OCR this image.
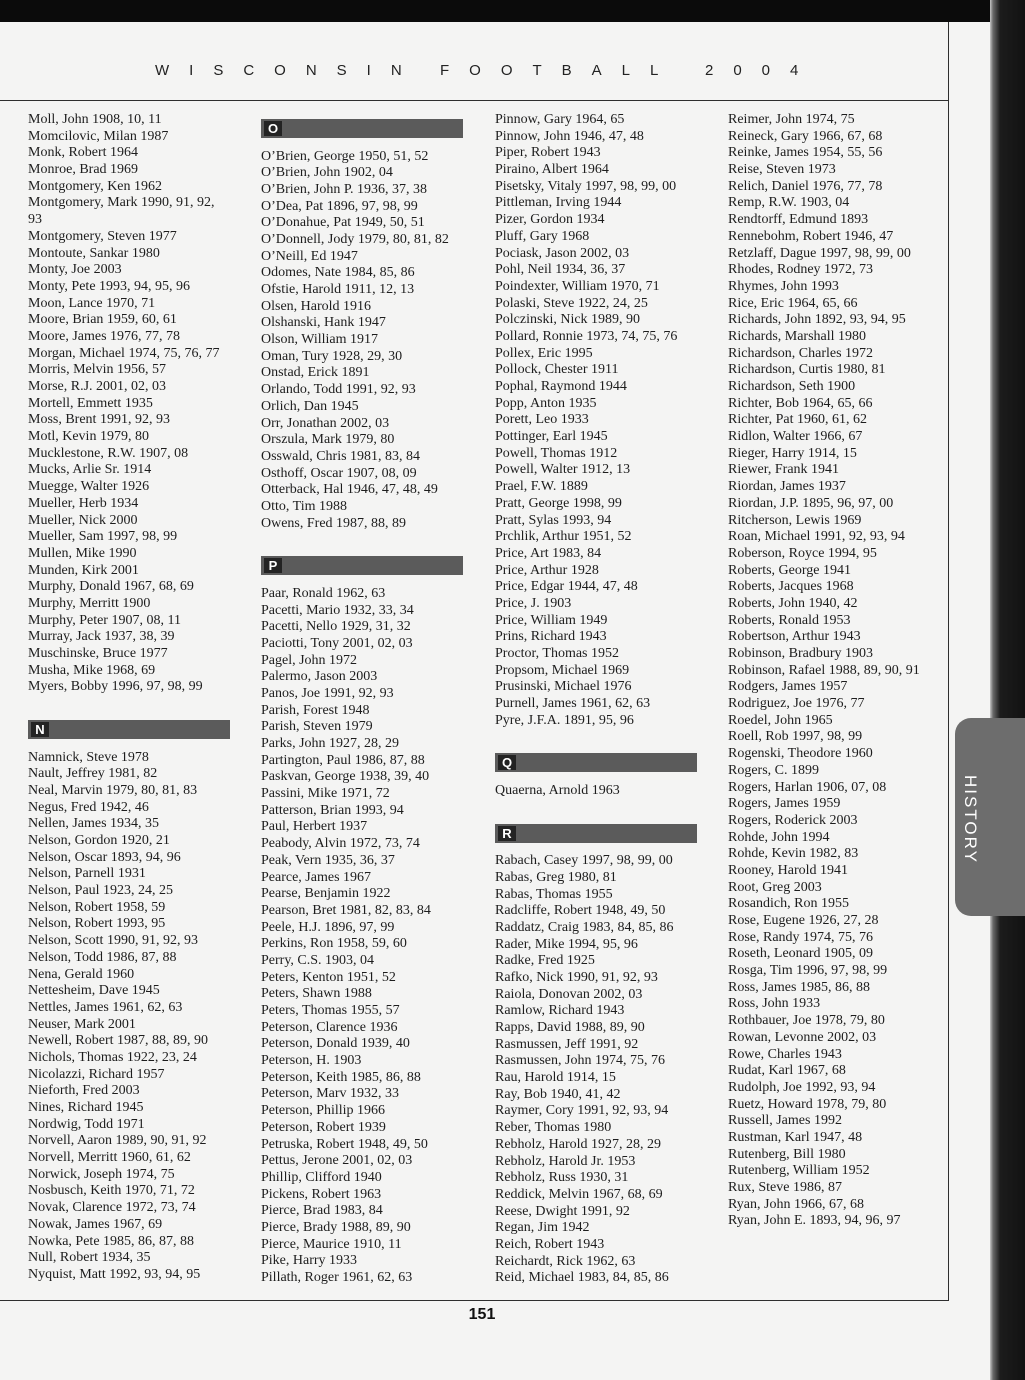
WISCONSIN FOOTBALL 2004
Moll, John 1908, 10, 11
Momcilovic, Milan 1987
Monk, Robert 1964
Monroe, Brad 1969
Montgomery, Ken 1962
Montgomery, Mark 1990, 91, 92, 93
Montgomery, Steven 1977
Montoute, Sankar 1980
Monty, Joe 2003
Monty, Pete 1993, 94, 95, 96
Moon, Lance 1970, 71
Moore, Brian 1959, 60, 61
Moore, James 1976, 77, 78
Morgan, Michael 1974, 75, 76, 77
Morris, Melvin 1956, 57
Morse, R.J. 2001, 02, 03
Mortell, Emmett 1935
Moss, Brent 1991, 92, 93
Motl, Kevin 1979, 80
Mucklestone, R.W. 1907, 08
Mucks, Arlie Sr. 1914
Muegge, Walter 1926
Mueller, Herb 1934
Mueller, Nick 2000
Mueller, Sam 1997, 98, 99
Mullen, Mike 1990
Munden, Kirk 2001
Murphy, Donald 1967, 68, 69
Murphy, Merritt 1900
Murphy, Peter 1907, 08, 11
Murray, Jack 1937, 38, 39
Muschinske, Bruce 1977
Musha, Mike 1968, 69
Myers, Bobby 1996, 97, 98, 99
N
Namnick, Steve 1978
Nault, Jeffrey 1981, 82
Neal, Marvin 1979, 80, 81, 83
Negus, Fred 1942, 46
Nellen, James 1934, 35
Nelson, Gordon 1920, 21
Nelson, Oscar 1893, 94, 96
Nelson, Parnell 1931
Nelson, Paul 1923, 24, 25
Nelson, Robert 1958, 59
Nelson, Robert 1993, 95
Nelson, Scott 1990, 91, 92, 93
Nelson, Todd 1986, 87, 88
Nena, Gerald 1960
Nettesheim, Dave 1945
Nettles, James 1961, 62, 63
Neuser, Mark 2001
Newell, Robert 1987, 88, 89, 90
Nichols, Thomas 1922, 23, 24
Nicolazzi, Richard 1957
Nieforth, Fred 2003
Nines, Richard 1945
Nordwig, Todd 1971
Norvell, Aaron 1989, 90, 91, 92
Norvell, Merritt 1960, 61, 62
Norwick, Joseph 1974, 75
Nosbusch, Keith 1970, 71, 72
Novak, Clarence 1972, 73, 74
Nowak, James 1967, 69
Nowka, Pete 1985, 86, 87, 88
Null, Robert 1934, 35
Nyquist, Matt 1992, 93, 94, 95
O
O’Brien, George 1950, 51, 52
O’Brien, John 1902, 04
O’Brien, John P. 1936, 37, 38
O’Dea, Pat 1896, 97, 98, 99
O’Donahue, Pat 1949, 50, 51
O’Donnell, Jody 1979, 80, 81, 82
O’Neill, Ed 1947
Odomes, Nate 1984, 85, 86
Ofstie, Harold 1911, 12, 13
Olsen, Harold 1916
Olshanski, Hank 1947
Olson, William 1917
Oman, Tury 1928, 29, 30
Onstad, Erick 1891
Orlando, Todd 1991, 92, 93
Orlich, Dan 1945
Orr, Jonathan 2002, 03
Orszula, Mark 1979, 80
Osswald, Chris 1981, 83, 84
Osthoff, Oscar 1907, 08, 09
Otterback, Hal 1946, 47, 48, 49
Otto, Tim 1988
Owens, Fred 1987, 88, 89
P
Paar, Ronald 1962, 63
Pacetti, Mario 1932, 33, 34
Pacetti, Nello 1929, 31, 32
Paciotti, Tony 2001, 02, 03
Pagel, John 1972
Palermo, Jason 2003
Panos, Joe 1991, 92, 93
Parish, Forest 1948
Parish, Steven 1979
Parks, John 1927, 28, 29
Partington, Paul 1986, 87, 88
Paskvan, George 1938, 39, 40
Passini, Mike 1971, 72
Patterson, Brian 1993, 94
Paul, Herbert 1937
Peabody, Alvin 1972, 73, 74
Peak, Vern 1935, 36, 37
Pearce, James 1967
Pearse, Benjamin 1922
Pearson, Bret 1981, 82, 83, 84
Peele, H.J. 1896, 97, 99
Perkins, Ron 1958, 59, 60
Perry, C.S. 1903, 04
Peters, Kenton 1951, 52
Peters, Shawn 1988
Peters, Thomas 1955, 57
Peterson, Clarence 1936
Peterson, Donald 1939, 40
Peterson, H. 1903
Peterson, Keith 1985, 86, 88
Peterson, Marv 1932, 33
Peterson, Phillip 1966
Peterson, Robert 1939
Petruska, Robert 1948, 49, 50
Pettus, Jerone 2001, 02, 03
Phillip, Clifford 1940
Pickens, Robert 1963
Pierce, Brad 1983, 84
Pierce, Brady 1988, 89, 90
Pierce, Maurice 1910, 11
Pike, Harry 1933
Pillath, Roger 1961, 62, 63
Pinnow, Gary 1964, 65
Pinnow, John 1946, 47, 48
Piper, Robert 1943
Piraino, Albert 1964
Pisetsky, Vitaly 1997, 98, 99, 00
Pittleman, Irving 1944
Pizer, Gordon 1934
Pluff, Gary 1968
Pociask, Jason 2002, 03
Pohl, Neil 1934, 36, 37
Poindexter, William 1970, 71
Polaski, Steve 1922, 24, 25
Polczinski, Nick 1989, 90
Pollard, Ronnie 1973, 74, 75, 76
Pollex, Eric 1995
Pollock, Chester 1911
Pophal, Raymond 1944
Popp, Anton 1935
Porett, Leo 1933
Pottinger, Earl 1945
Powell, Thomas 1912
Powell, Walter 1912, 13
Prael, F.W. 1889
Pratt, George 1998, 99
Pratt, Sylas 1993, 94
Prchlik, Arthur 1951, 52
Price, Art 1983, 84
Price, Arthur 1928
Price, Edgar 1944, 47, 48
Price, J. 1903
Price, William 1949
Prins, Richard 1943
Proctor, Thomas 1952
Propsom, Michael 1969
Prusinski, Michael 1976
Purnell, James 1961, 62, 63
Pyre, J.F.A. 1891, 95, 96
Q
Quaerna, Arnold 1963
R
Rabach, Casey 1997, 98, 99, 00
Rabas, Greg 1980, 81
Rabas, Thomas 1955
Radcliffe, Robert 1948, 49, 50
Raddatz, Craig 1983, 84, 85, 86
Rader, Mike 1994, 95, 96
Radke, Fred 1925
Rafko, Nick 1990, 91, 92, 93
Raiola, Donovan 2002, 03
Ramlow, Richard 1943
Rapps, David 1988, 89, 90
Rasmussen, Jeff 1991, 92
Rasmussen, John 1974, 75, 76
Rau, Harold 1914, 15
Ray, Bob 1940, 41, 42
Raymer, Cory 1991, 92, 93, 94
Reber, Thomas 1980
Rebholz, Harold 1927, 28, 29
Rebholz, Harold Jr. 1953
Rebholz, Russ 1930, 31
Reddick, Melvin 1967, 68, 69
Reese, Dwight 1991, 92
Regan, Jim 1942
Reich, Robert 1943
Reichardt, Rick 1962, 63
Reid, Michael 1983, 84, 85, 86
Reimer, John 1974, 75
Reineck, Gary 1966, 67, 68
Reinke, James 1954, 55, 56
Reise, Steven 1973
Relich, Daniel 1976, 77, 78
Remp, R.W. 1903, 04
Rendtorff, Edmund 1893
Rennebohm, Robert 1946, 47
Retzlaff, Dague 1997, 98, 99, 00
Rhodes, Rodney 1972, 73
Rhymes, John 1993
Rice, Eric 1964, 65, 66
Richards, John 1892, 93, 94, 95
Richards, Marshall 1980
Richardson, Charles 1972
Richardson, Curtis 1980, 81
Richardson, Seth 1900
Richter, Bob 1964, 65, 66
Richter, Pat 1960, 61, 62
Ridlon, Walter 1966, 67
Rieger, Harry 1914, 15
Riewer, Frank 1941
Riordan, James 1937
Riordan, J.P. 1895, 96, 97, 00
Ritcherson, Lewis 1969
Roan, Michael 1991, 92, 93, 94
Roberson, Royce 1994, 95
Roberts, George 1941
Roberts, Jacques 1968
Roberts, John 1940, 42
Roberts, Ronald 1953
Robertson, Arthur 1943
Robinson, Bradbury 1903
Robinson, Rafael 1988, 89, 90, 91
Rodgers, James 1957
Rodriguez, Joe 1976, 77
Roedel, John 1965
Roell, Rob 1997, 98, 99
Rogenski, Theodore 1960
Rogers, C. 1899
Rogers, Harlan 1906, 07, 08
Rogers, James 1959
Rogers, Roderick 2003
Rohde, John 1994
Rohde, Kevin 1982, 83
Rooney, Harold 1941
Root, Greg 2003
Rosandich, Ron 1955
Rose, Eugene 1926, 27, 28
Rose, Randy 1974, 75, 76
Roseth, Leonard 1905, 09
Rosga, Tim 1996, 97, 98, 99
Ross, James 1985, 86, 88
Ross, John 1933
Rothbauer, Joe 1978, 79, 80
Rowan, Levonne 2002, 03
Rowe, Charles 1943
Rudat, Karl 1967, 68
Rudolph, Joe 1992, 93, 94
Ruetz, Howard 1978, 79, 80
Russell, James 1992
Rustman, Karl 1947, 48
Rutenberg, Bill 1980
Rutenberg, William 1952
Rux, Steve 1986, 87
Ryan, John 1966, 67, 68
Ryan, John E. 1893, 94, 96, 97
HISTORY
151
